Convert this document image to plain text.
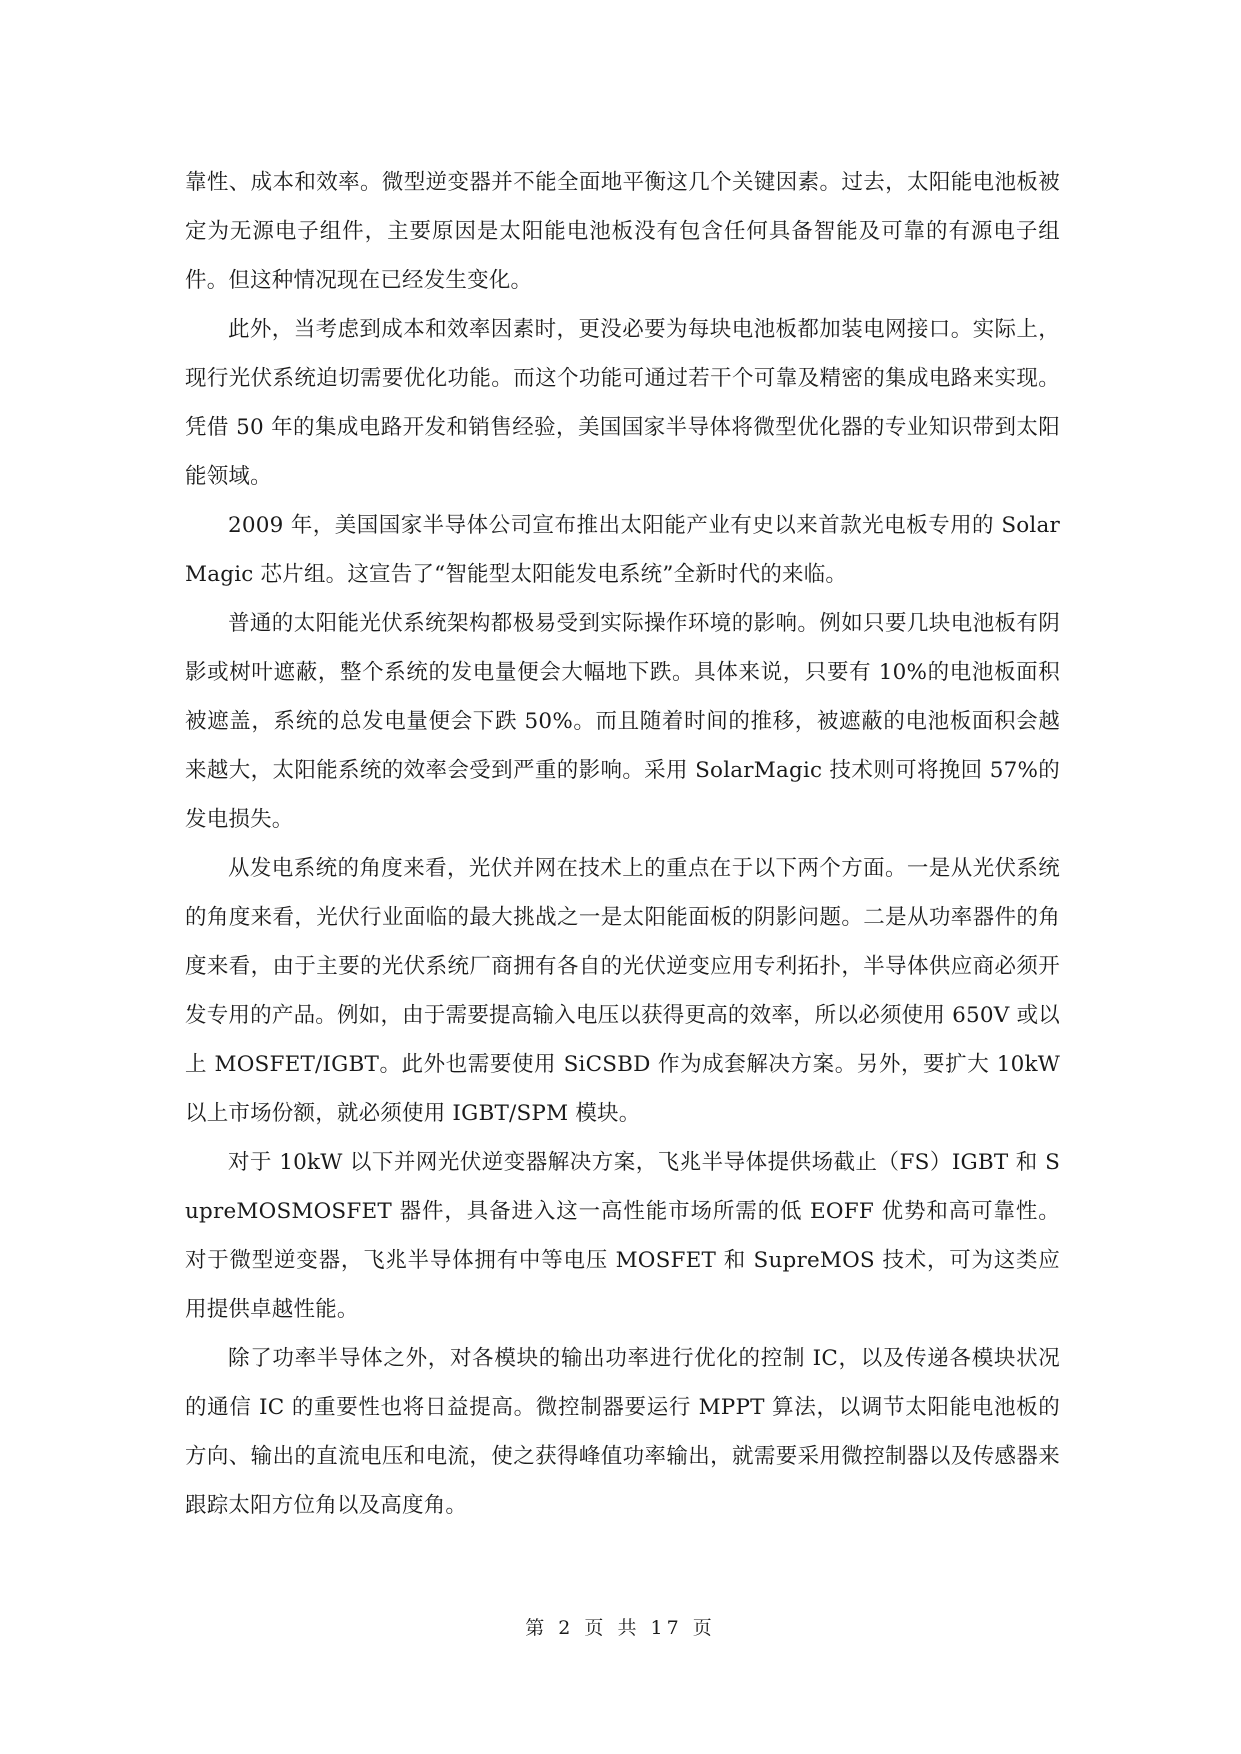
靠性、成本和效率。微型逆变器并不能全面地平衡这几个关键因素。过去，太阳能电池板被定为无源电子组件，主要原因是太阳能电池板没有包含任何具备智能及可靠的有源电子组件。但这种情况现在已经发生变化。

此外，当考虑到成本和效率因素时，更没必要为每块电池板都加装电网接口。实际上，现行光伏系统迫切需要优化功能。而这个功能可通过若干个可靠及精密的集成电路来实现。凭借 50 年的集成电路开发和销售经验，美国国家半导体将微型优化器的专业知识带到太阳能领域。

2009 年，美国国家半导体公司宣布推出太阳能产业有史以来首款光电板专用的 SolarMagic 芯片组。这宣告了“智能型太阳能发电系统”全新时代的来临。

普通的太阳能光伏系统架构都极易受到实际操作环境的影响。例如只要几块电池板有阴影或树叶遮蔽，整个系统的发电量便会大幅地下跌。具体来说，只要有 10%的电池板面积被遮盖，系统的总发电量便会下跌 50%。而且随着时间的推移，被遮蔽的电池板面积会越来越大，太阳能系统的效率会受到严重的影响。采用 SolarMagic 技术则可将挽回 57%的发电损失。

从发电系统的角度来看，光伏并网在技术上的重点在于以下两个方面。一是从光伏系统的角度来看，光伏行业面临的最大挑战之一是太阳能面板的阴影问题。二是从功率器件的角度来看，由于主要的光伏系统厂商拥有各自的光伏逆变应用专利拓扑，半导体供应商必须开发专用的产品。例如，由于需要提高输入电压以获得更高的效率，所以必须使用 650V 或以上 MOSFET/IGBT。此外也需要使用 SiCSBD 作为成套解决方案。另外，要扩大 10kW 以上市场份额，就必须使用 IGBT/SPM 模块。

对于 10kW 以下并网光伏逆变器解决方案，飞兆半导体提供场截止（FS）IGBT 和 SupreMOSMOSFET 器件，具备进入这一高性能市场所需的低 EOFF 优势和高可靠性。对于微型逆变器，飞兆半导体拥有中等电压 MOSFET 和 SupreMOS 技术，可为这类应用提供卓越性能。

除了功率半导体之外，对各模块的输出功率进行优化的控制 IC，以及传递各模块状况的通信 IC 的重要性也将日益提高。微控制器要运行 MPPT 算法，以调节太阳能电池板的方向、输出的直流电压和电流，使之获得峰值功率输出，就需要采用微控制器以及传感器来跟踪太阳方位角以及高度角。

第 2 页 共 17 页
